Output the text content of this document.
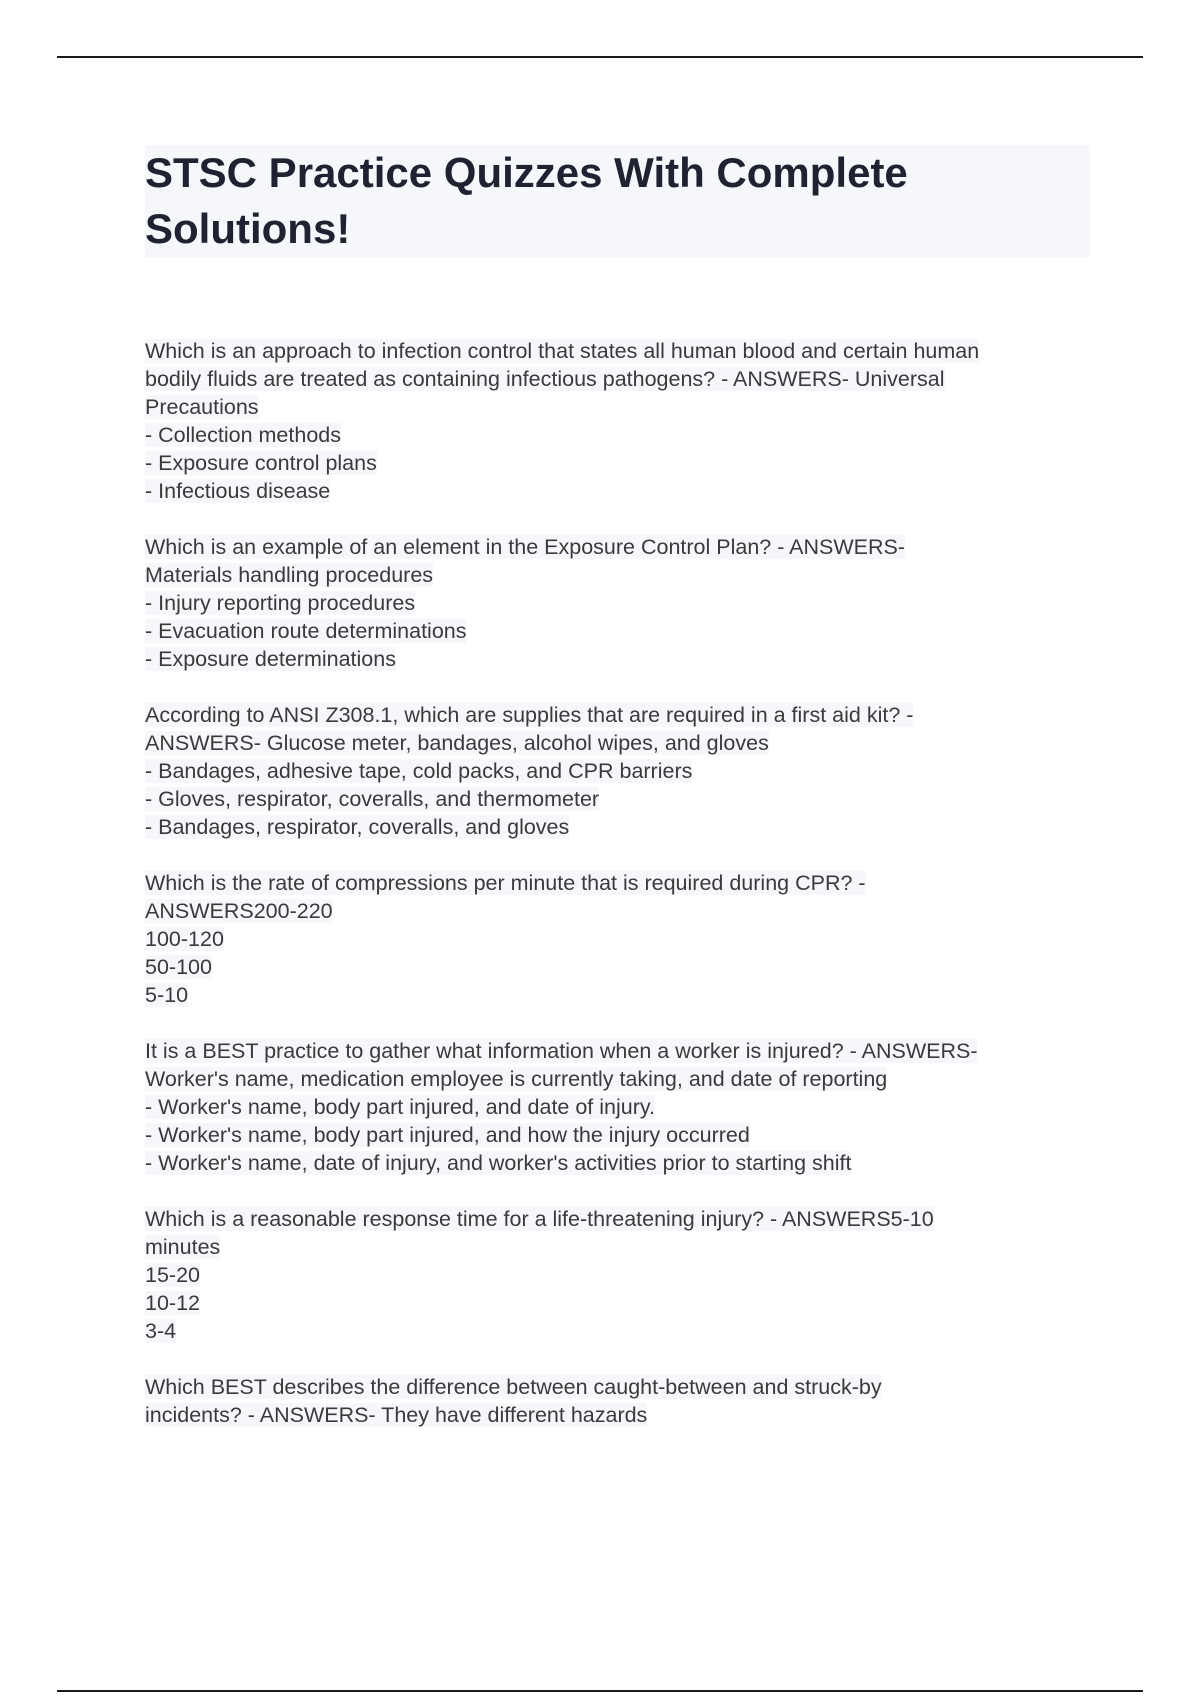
STSC Practice Quizzes With Complete Solutions!
Which is an approach to infection control that states all human blood and certain human
bodily fluids are treated as containing infectious pathogens? - ANSWERS- Universal
Precautions
- Collection methods
- Exposure control plans
- Infectious disease
Which is an example of an element in the Exposure Control Plan? - ANSWERS-
Materials handling procedures
- Injury reporting procedures
- Evacuation route determinations
- Exposure determinations
According to ANSI Z308.1, which are supplies that are required in a first aid kit? -
ANSWERS- Glucose meter, bandages, alcohol wipes, and gloves
- Bandages, adhesive tape, cold packs, and CPR barriers
- Gloves, respirator, coveralls, and thermometer
- Bandages, respirator, coveralls, and gloves
Which is the rate of compressions per minute that is required during CPR? -
ANSWERS200-220
100-120
50-100
5-10
It is a BEST practice to gather what information when a worker is injured? - ANSWERS-
Worker's name, medication employee is currently taking, and date of reporting
- Worker's name, body part injured, and date of injury.
- Worker's name, body part injured, and how the injury occurred
- Worker's name, date of injury, and worker's activities prior to starting shift
Which is a reasonable response time for a life-threatening injury? - ANSWERS5-10
minutes
15-20
10-12
3-4
Which BEST describes the difference between caught-between and struck-by
incidents? - ANSWERS- They have different hazards
